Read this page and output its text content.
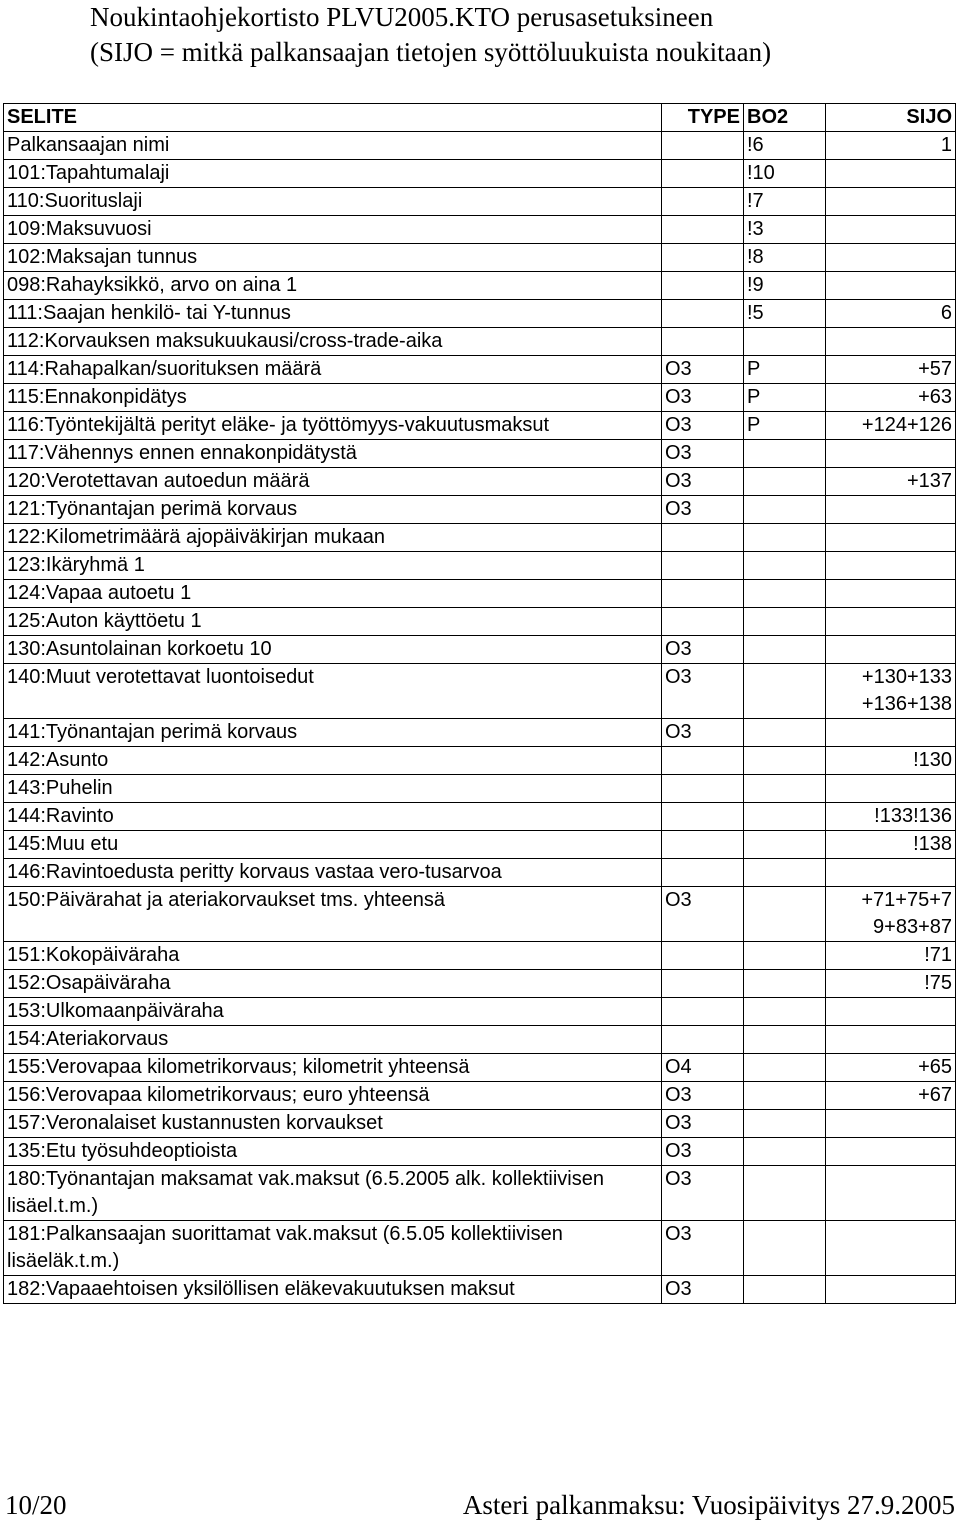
Noukintaohjekortisto PLVU2005.KTO perusasetuksineen
(SIJO = mitkä palkansaajan tietojen syöttöluukuista noukitaan)
SELITE	TYPE	BO2	SIJO
Palkansaajan nimi		!6	1

101:Tapahtumalaji		!10	
110:Suorituslaji		!7	
109:Maksuvuosi		!3	
102:Maksajan tunnus		!8	
098:Rahayksikkö, arvo on aina 1		!9	
111:Saajan henkilö- tai Y-tunnus		!5	6

112:Korvauksen maksukuukausi/cross-trade-aika			
114:Rahapalkan/suorituksen määrä	O3	P	+57

115:Ennakonpidätys	O3	P	+63

116:Työntekijältä perityt eläke- ja työttömyys-vakuutusmaksut	O3	P	+124+126

117:Vähennys ennen ennakonpidätystä	O3		
120:Verotettavan autoedun määrä	O3		+137

121:Työnantajan perimä korvaus	O3		
122:Kilometrimäärä ajopäiväkirjan mukaan			
123:Ikäryhmä 1			
124:Vapaa autoetu 1			
125:Auton käyttöetu 1			
130:Asuntolainan korkoetu 10	O3		
140:Muut verotettavat luontoisedut	O3		+130+133
+136+138

141:Työnantajan perimä korvaus	O3		
142:Asunto			!130

143:Puhelin			
144:Ravinto			!133!136

145:Muu etu			!138

146:Ravintoedusta peritty korvaus vastaa vero-tusarvoa			
150:Päivärahat ja ateriakorvaukset tms. yhteensä	O3		+71+75+7
9+83+87

151:Kokopäiväraha			!71

152:Osapäiväraha			!75

153:Ulkomaanpäiväraha			
154:Ateriakorvaus			
155:Verovapaa kilometrikorvaus; kilometrit yhteensä	O4		+65

156:Verovapaa kilometrikorvaus; euro yhteensä	O3		+67

157:Veronalaiset kustannusten korvaukset	O3		
135:Etu työsuhdeoptioista	O3		
180:Työnantajan maksamat vak.maksut (6.5.2005 alk. kollektiivisen lisäel.t.m.)	O3		
181:Palkansaajan suorittamat vak.maksut (6.5.05 kollektiivisen lisäeläk.t.m.)	O3		
182:Vapaaehtoisen yksilöllisen eläkevakuutuksen maksut	O3		
10/20	Asteri palkanmaksu: Vuosipäivitys 27.9.2005
